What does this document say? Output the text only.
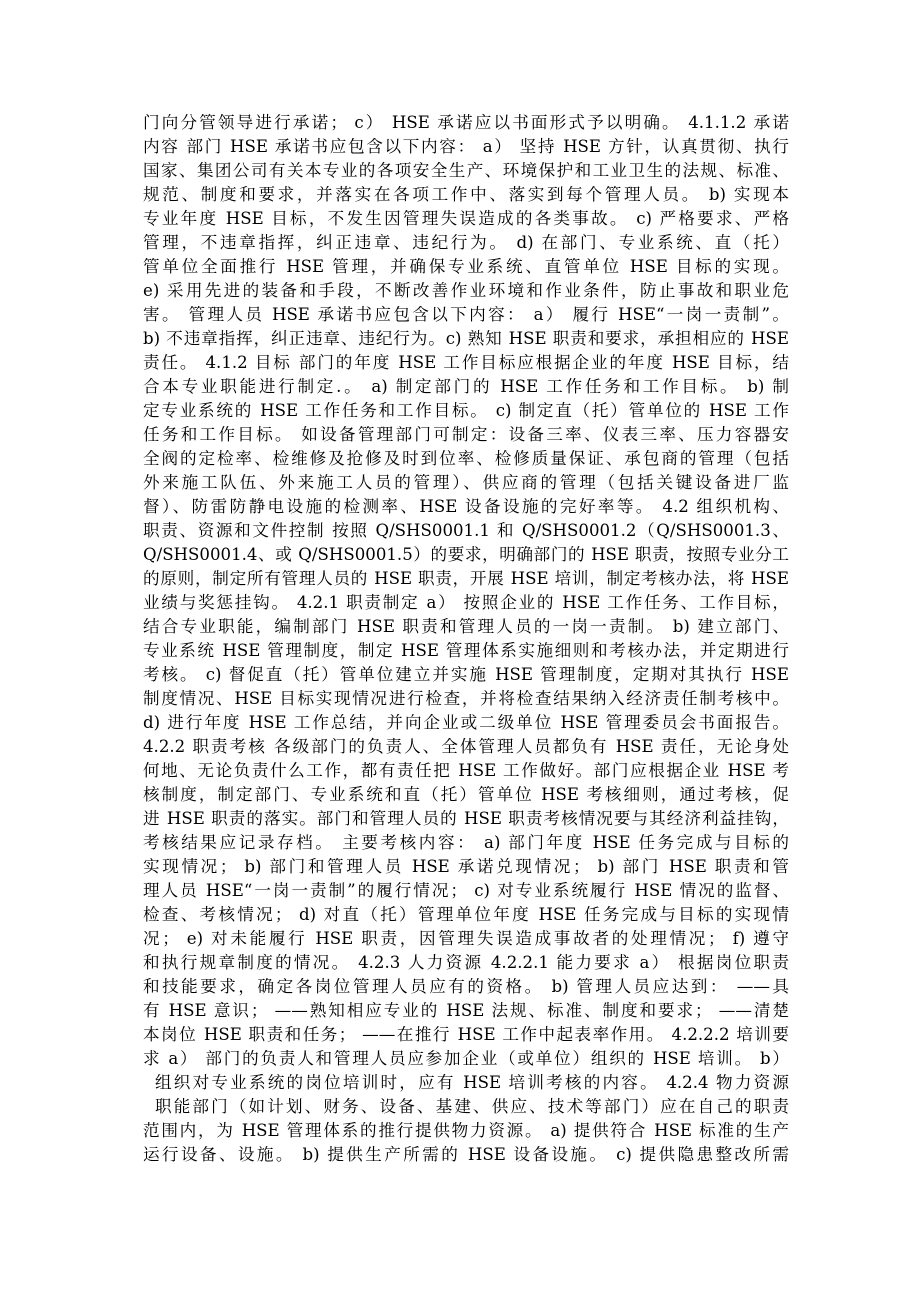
门向分管领导进行承诺； c） HSE 承诺应以书面形式予以明确。 4.1.1.2 承诺
内容 部门 HSE 承诺书应包含以下内容： a） 坚持 HSE 方针，认真贯彻、执行
国家、集团公司有关本专业的各项安全生产、环境保护和工业卫生的法规、标准、
规范、制度和要求，并落实在各项工作中、落实到每个管理人员。 b) 实现本
专业年度 HSE 目标，不发生因管理失误造成的各类事故。 c) 严格要求、严格
管理，不违章指挥，纠正违章、违纪行为。 d) 在部门、专业系统、直（托）
管单位全面推行 HSE 管理，并确保专业系统、直管单位 HSE 目标的实现。
e) 采用先进的装备和手段，不断改善作业环境和作业条件，防止事故和职业危
害。 管理人员 HSE 承诺书应包含以下内容： a） 履行 HSE“一岗一责制”。
b) 不违章指挥，纠正违章、违纪行为。c) 熟知 HSE 职责和要求，承担相应的 HSE
责任。 4.1.2 目标 部门的年度 HSE 工作目标应根据企业的年度 HSE 目标，结
合本专业职能进行制定.。 a) 制定部门的 HSE 工作任务和工作目标。 b) 制
定专业系统的 HSE 工作任务和工作目标。 c) 制定直（托）管单位的 HSE 工作
任务和工作目标。 如设备管理部门可制定：设备三率、仪表三率、压力容器安
全阀的定检率、检维修及抢修及时到位率、检修质量保证、承包商的管理（包括
外来施工队伍、外来施工人员的管理）、供应商的管理（包括关键设备进厂监
督）、防雷防静电设施的检测率、HSE 设备设施的完好率等。 4.2 组织机构、
职责、资源和文件控制 按照 Q/SHS0001.1 和 Q/SHS0001.2（Q/SHS0001.3、
Q/SHS0001.4、或 Q/SHS0001.5）的要求，明确部门的 HSE 职责，按照专业分工
的原则，制定所有管理人员的 HSE 职责，开展 HSE 培训，制定考核办法，将 HSE
业绩与奖惩挂钩。 4.2.1 职责制定 a） 按照企业的 HSE 工作任务、工作目标，
结合专业职能，编制部门 HSE 职责和管理人员的一岗一责制。 b) 建立部门、
专业系统 HSE 管理制度，制定 HSE 管理体系实施细则和考核办法，并定期进行
考核。 c) 督促直（托）管单位建立并实施 HSE 管理制度，定期对其执行 HSE
制度情况、HSE 目标实现情况进行检查，并将检查结果纳入经济责任制考核中。
d) 进行年度 HSE 工作总结，并向企业或二级单位 HSE 管理委员会书面报告。
4.2.2 职责考核 各级部门的负责人、全体管理人员都负有 HSE 责任，无论身处
何地、无论负责什么工作，都有责任把 HSE 工作做好。部门应根据企业 HSE 考
核制度，制定部门、专业系统和直（托）管单位 HSE 考核细则，通过考核，促
进 HSE 职责的落实。部门和管理人员的 HSE 职责考核情况要与其经济利益挂钩，
考核结果应记录存档。 主要考核内容： a) 部门年度 HSE 任务完成与目标的
实现情况； b) 部门和管理人员 HSE 承诺兑现情况； b) 部门 HSE 职责和管
理人员 HSE“一岗一责制”的履行情况； c) 对专业系统履行 HSE 情况的监督、
检查、考核情况； d) 对直（托）管理单位年度 HSE 任务完成与目标的实现情
况； e) 对未能履行 HSE 职责，因管理失误造成事故者的处理情况； f) 遵守
和执行规章制度的情况。 4.2.3 人力资源 4.2.2.1 能力要求 a） 根据岗位职责
和技能要求，确定各岗位管理人员应有的资格。 b) 管理人员应达到： ——具
有 HSE 意识； ——熟知相应专业的 HSE 法规、标准、制度和要求； ——清楚
本岗位 HSE 职责和任务； ——在推行 HSE 工作中起表率作用。 4.2.2.2 培训要
求 a） 部门的负责人和管理人员应参加企业（或单位）组织的 HSE 培训。 b）
组织对专业系统的岗位培训时，应有 HSE 培训考核的内容。 4.2.4 物力资源
职能部门（如计划、财务、设备、基建、供应、技术等部门）应在自己的职责
范围内，为 HSE 管理体系的推行提供物力资源。 a) 提供符合 HSE 标准的生产
运行设备、设施。 b) 提供生产所需的 HSE 设备设施。 c) 提供隐患整改所需
